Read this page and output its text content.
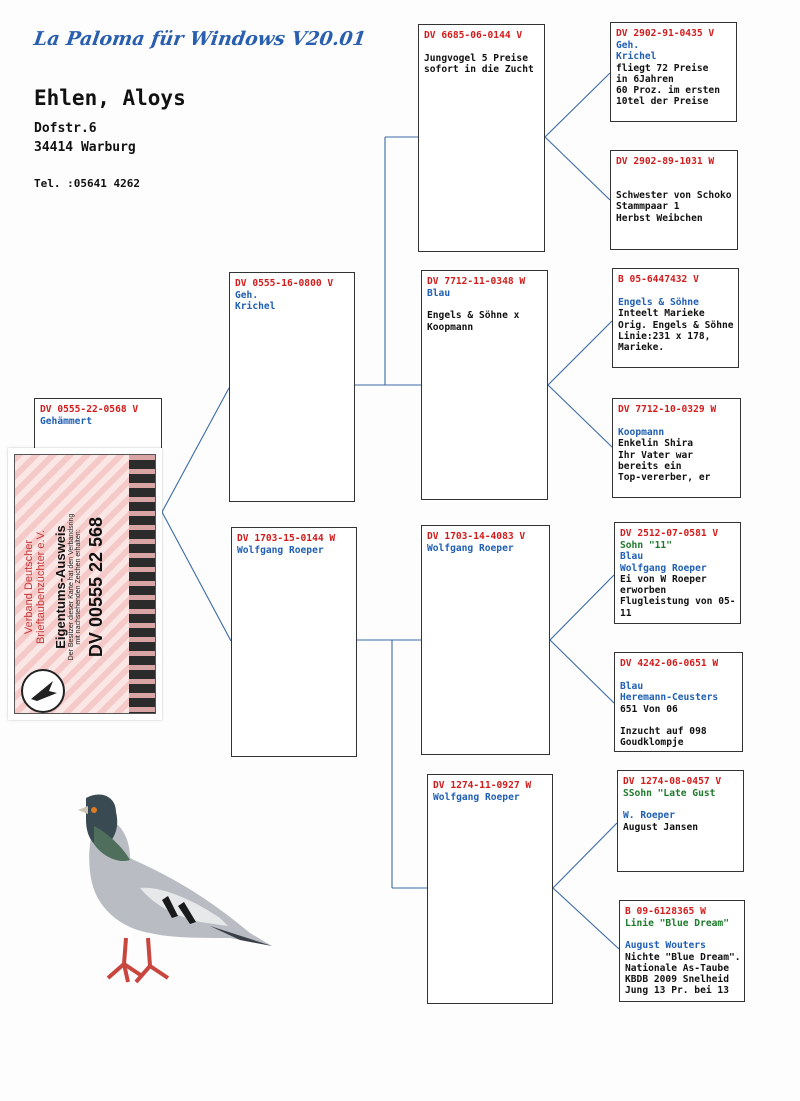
La Paloma für Windows V20.01
Ehlen, Aloys
Dofstr.6
34414 Warburg
Tel. :05641 4262
DV 0555-22-0568 V
Gehämmert
DV 0555-16-0800 V
Geh.
Krichel
DV 1703-15-0144 W
Wolfgang Roeper
DV 6685-06-0144 V
Jungvogel 5 Preise
sofort in die Zucht
DV 7712-11-0348 W
Blau
Engels & Söhne x
Koopmann
DV 1703-14-4083 V
Wolfgang Roeper
DV 1274-11-0927 W
Wolfgang Roeper
DV 2902-91-0435 V
Geh.
Krichel
fliegt 72 Preise
in 6Jahren
60 Proz. im ersten
10tel der Preise
DV 2902-89-1031 W
Schwester von Schoko
Stammpaar 1
Herbst Weibchen
B 05-6447432 V
Engels & Söhne
Inteelt Marieke
Orig. Engels & Söhne
Linie:231 x 178,
Marieke.
DV 7712-10-0329 W
Koopmann
Enkelin Shira
Ihr Vater war
bereits ein
Top-vererber, er
DV 2512-07-0581 V
Sohn "11"
Blau
Wolfgang Roeper
Ei von W Roeper
erworben
Flugleistung von 05-
11
DV 4242-06-0651 W
Blau
Heremann-Ceusters
651 Von 06
Inzucht auf 098
Goudklompje
DV 1274-08-0457 V
SSohn "Late Gust
W. Roeper
August Jansen
B 09-6128365 W
Linie "Blue Dream"
August Wouters
Nichte "Blue Dream".
Nationale As-Taube
KBDB 2009 Snelheid
Jung 13 Pr. bei 13
Verband Deutscher Brieftaubenzüchter e.V. Eigentums-Ausweis Der Besitzer dieser Karte hat den Verbandsring mit nachstehenden Zeichen erhalten: DV 00555 22 568
